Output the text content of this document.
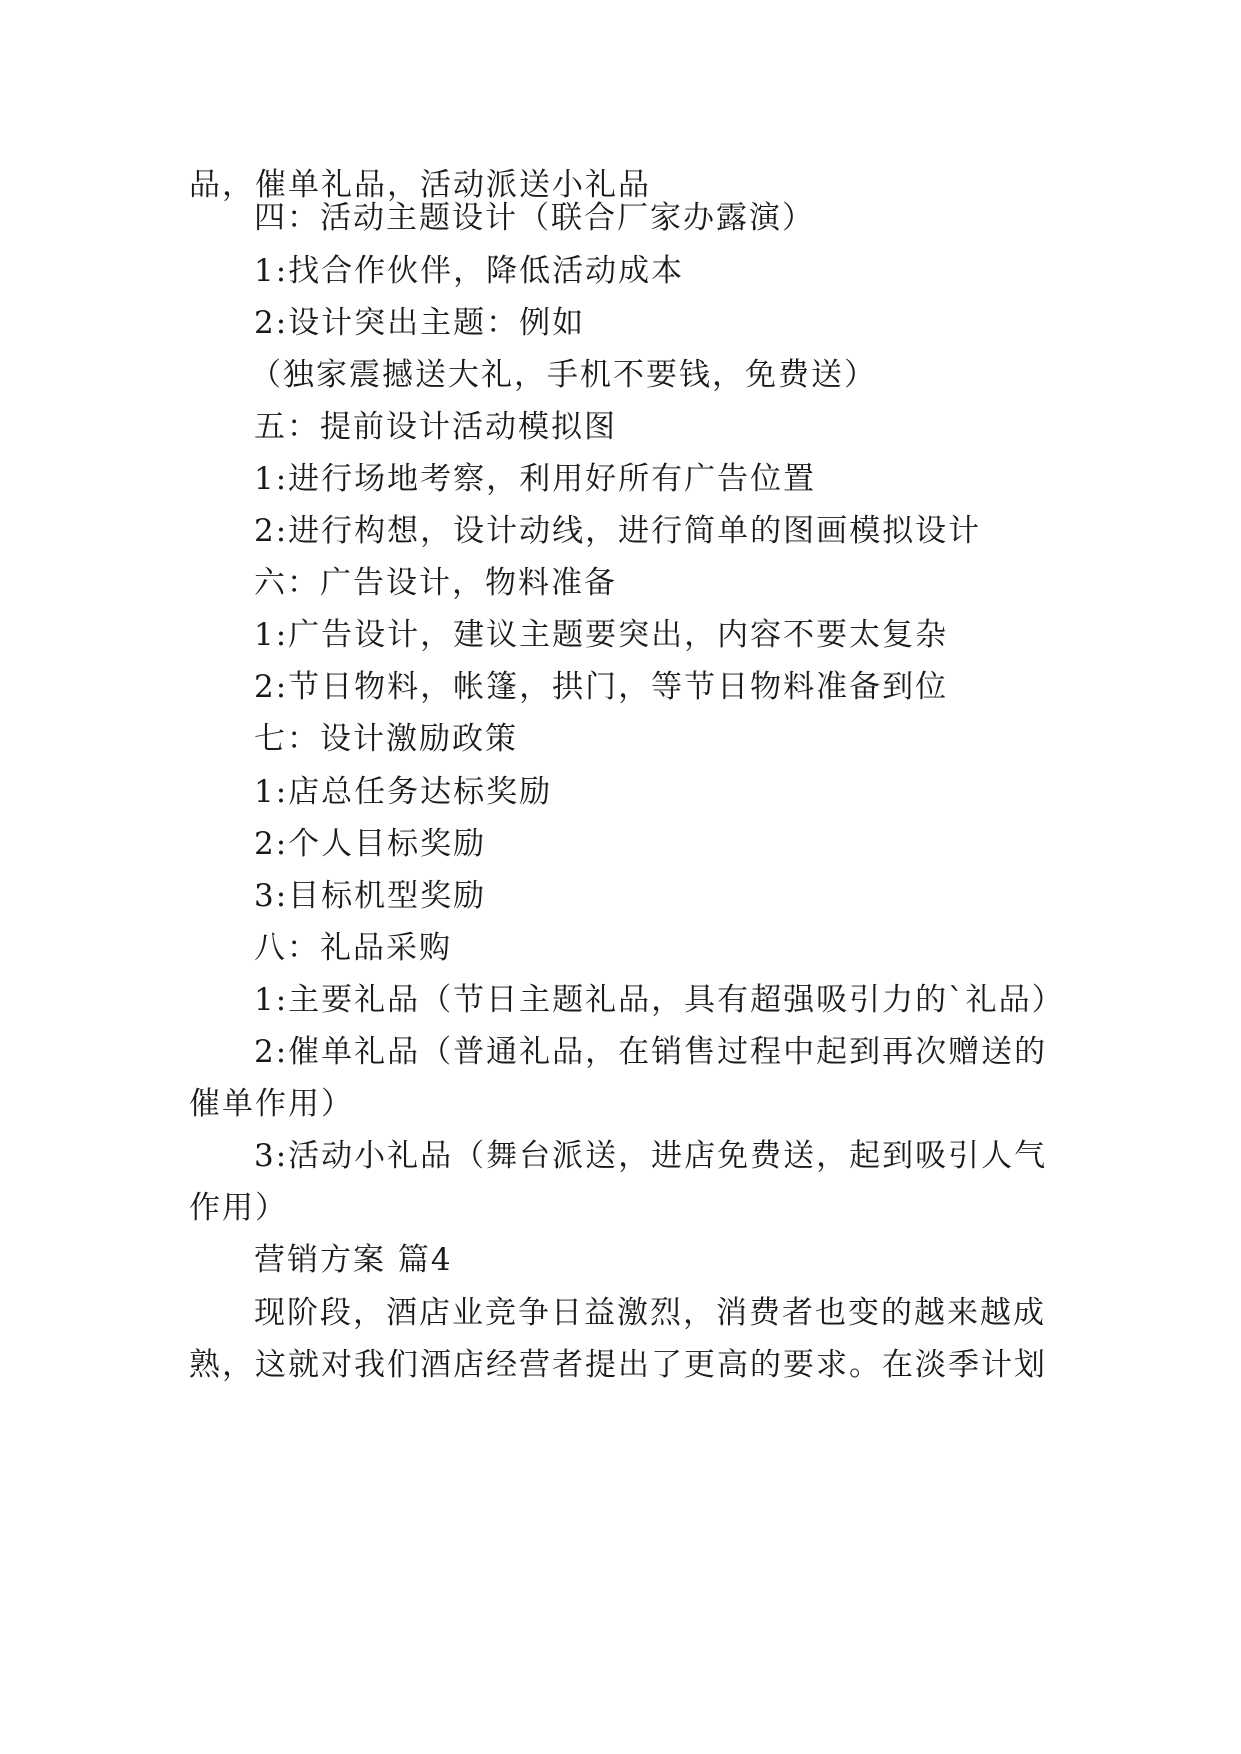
品，催单礼品，活动派送小礼品
四：活动主题设计（联合厂家办露演）
1:找合作伙伴，降低活动成本
2:设计突出主题：例如
（独家震撼送大礼，手机不要钱，免费送）
五：提前设计活动模拟图
1:进行场地考察，利用好所有广告位置
2:进行构想，设计动线，进行简单的图画模拟设计
六：广告设计，物料准备
1:广告设计，建议主题要突出，内容不要太复杂
2:节日物料，帐篷，拱门，等节日物料准备到位
七：设计激励政策
1:店总任务达标奖励
2:个人目标奖励
3:目标机型奖励
八：礼品采购
1:主要礼品（节日主题礼品，具有超强吸引力的`礼品）
2:催单礼品（普通礼品，在销售过程中起到再次赠送的
催单作用）
3:活动小礼品（舞台派送，进店免费送，起到吸引人气
作用）
营销方案 篇4
现阶段，酒店业竞争日益激烈，消费者也变的越来越成
熟，这就对我们酒店经营者提出了更高的要求。在淡季计划
